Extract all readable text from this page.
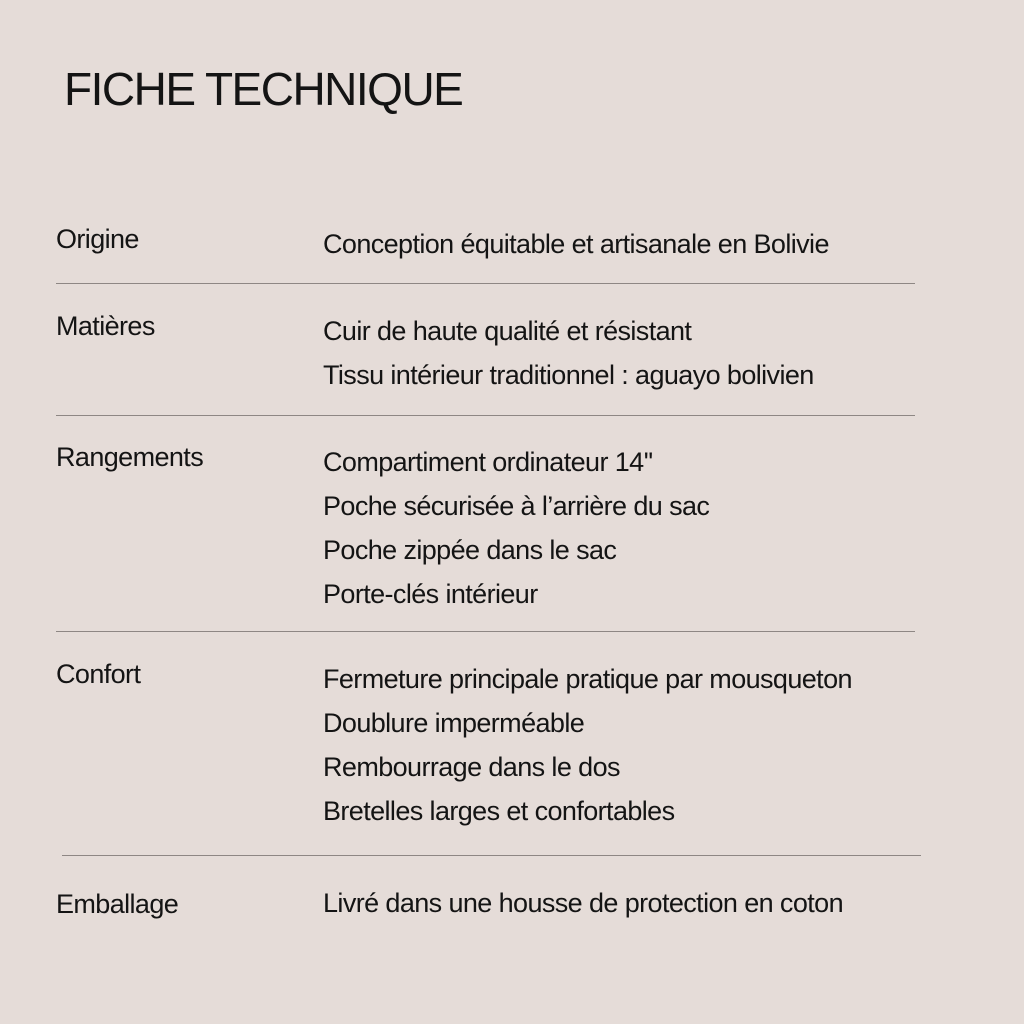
FICHE TECHNIQUE
Origine	Conception équitable et artisanale en Bolivie
Matières	Cuir de haute qualité et résistant
Tissu intérieur traditionnel : aguayo bolivien
Rangements	Compartiment ordinateur 14''
Poche sécurisée à l’arrière du sac
Poche zippée dans le sac
Porte-clés intérieur
Confort	Fermeture principale pratique par mousqueton
Doublure imperméable
Rembourrage dans le dos
Bretelles larges et confortables
Emballage	Livré dans une housse de protection en coton
